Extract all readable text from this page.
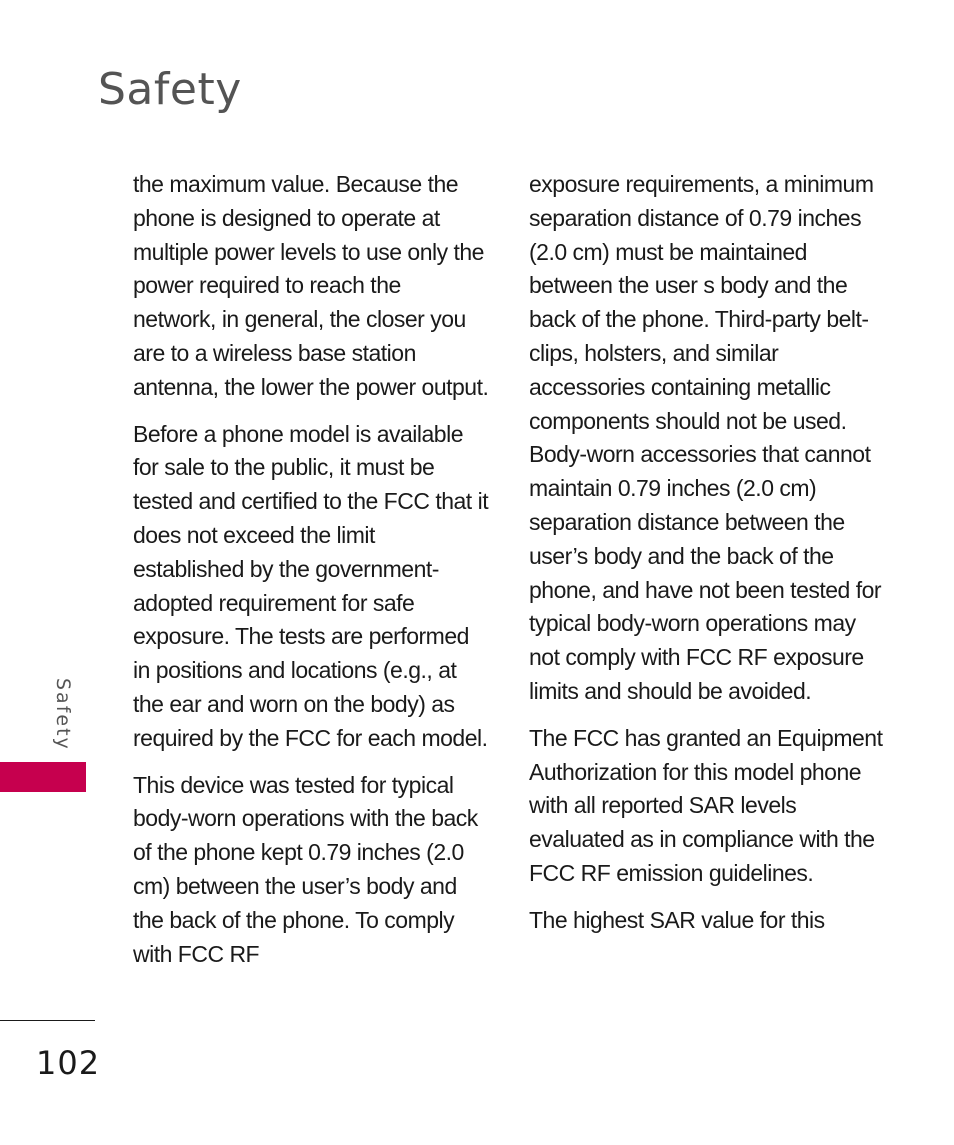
Safety

the maximum value. Because the phone is designed to operate at multiple power levels to use only the power required to reach the network, in general, the closer you are to a wireless base station antenna, the lower the power output.

Before a phone model is available for sale to the public, it must be tested and certified to the FCC that it does not exceed the limit established by the government-adopted requirement for safe exposure. The tests are performed in positions and locations (e.g., at the ear and worn on the body) as required by the FCC for each model.

This device was tested for typical body-worn operations with the back of the phone kept 0.79 inches (2.0 cm) between the user’s body and the back of the phone. To comply with FCC RF

exposure requirements, a minimum separation distance of 0.79 inches (2.0 cm) must be maintained between the user s body and the back of the phone. Third-party belt-clips, holsters, and similar accessories containing metallic components should not be used. Body-worn accessories that cannot maintain 0.79 inches (2.0 cm) separation distance between the user’s body and the back of the phone, and have not been tested for typical body-worn operations may not comply with FCC RF exposure limits and should be avoided.

The FCC has granted an Equipment Authorization for this model phone with all reported SAR levels evaluated as in compliance with the FCC RF emission guidelines.

The highest SAR value for this

Safety
102
